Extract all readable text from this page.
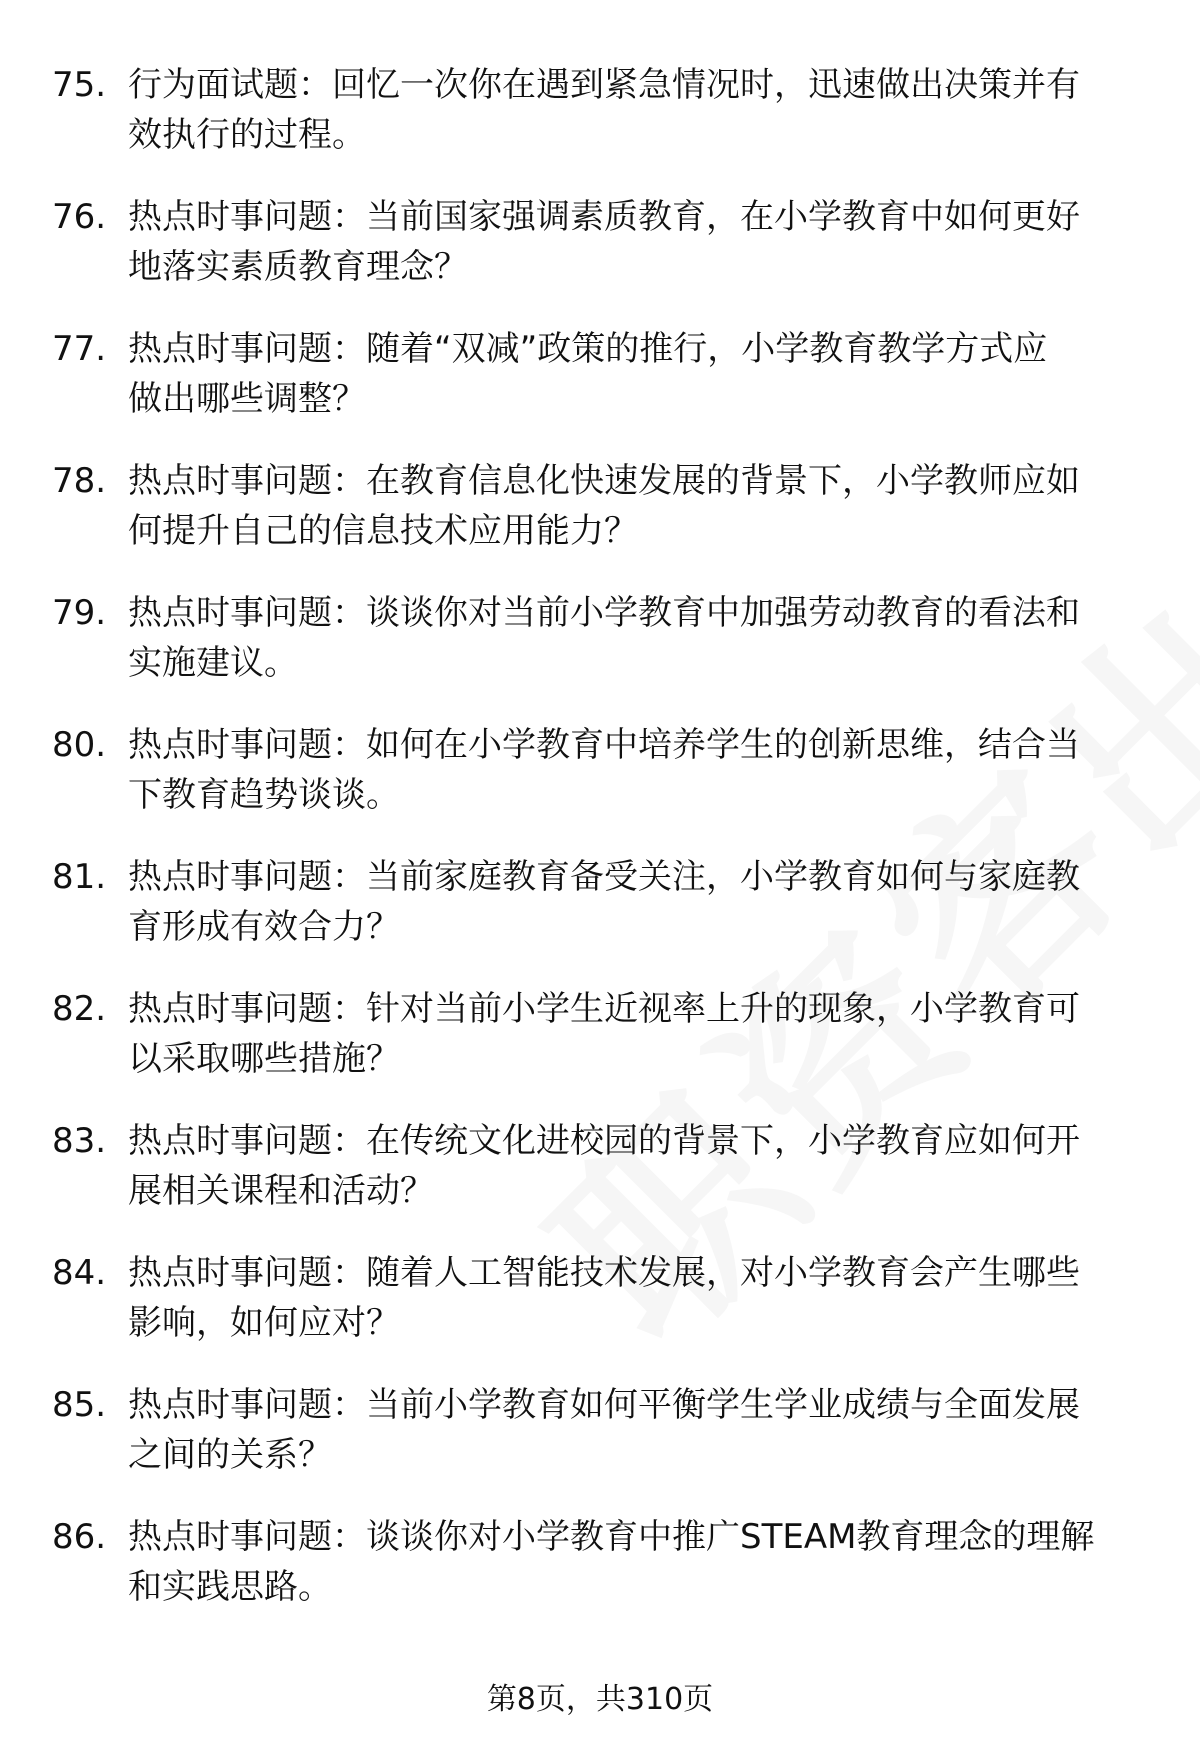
75. 行为面试题：回忆一次你在遇到紧急情况时，迅速做出决策并有
效执行的过程。
76. 热点时事问题：当前国家强调素质教育，在小学教育中如何更好
地落实素质教育理念？
77. 热点时事问题：随着“双减”政策的推行，小学教育教学方式应
做出哪些调整？
78. 热点时事问题：在教育信息化快速发展的背景下，小学教师应如
何提升自己的信息技术应用能力？
79. 热点时事问题：谈谈你对当前小学教育中加强劳动教育的看法和
实施建议。
80. 热点时事问题：如何在小学教育中培养学生的创新思维，结合当
下教育趋势谈谈。
81. 热点时事问题：当前家庭教育备受关注，小学教育如何与家庭教
育形成有效合力？
82. 热点时事问题：针对当前小学生近视率上升的现象，小学教育可
以采取哪些措施？
83. 热点时事问题：在传统文化进校园的背景下，小学教育应如何开
展相关课程和活动？
84. 热点时事问题：随着人工智能技术发展，对小学教育会产生哪些
影响，如何应对？
85. 热点时事问题：当前小学教育如何平衡学生学业成绩与全面发展
之间的关系？
86. 热点时事问题：谈谈你对小学教育中推广STEAM教育理念的理解
和实践思路。
第8页，共310页
